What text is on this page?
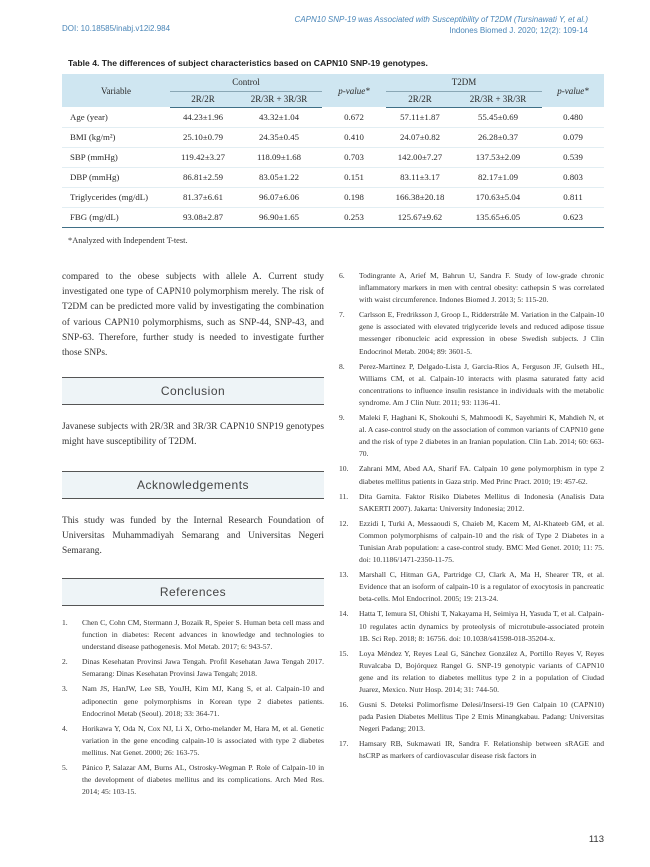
DOI: 10.18585/inabj.v12i2.984
CAPN10 SNP-19 was Associated with Susceptibility of T2DM (Tursinawati Y, et al.)
Indones Biomed J. 2020; 12(2): 109-14
Table 4. The differences of subject characteristics based on CAPN10 SNP-19 genotypes.
Variable	Control		p-value*	T2DM		p-value*
	2R/2R	2R/3R + 3R/3R		2R/2R	2R/3R + 3R/3R	
Age (year)	44.23±1.96	43.32±1.04	0.672	57.11±1.87	55.45±0.69	0.480
BMI (kg/m²)	25.10±0.79	24.35±0.45	0.410	24.07±0.82	26.28±0.37	0.079
SBP (mmHg)	119.42±3.27	118.09±1.68	0.703	142.00±7.27	137.53±2.09	0.539
DBP (mmHg)	86.81±2.59	83.05±1.22	0.151	83.11±3.17	82.17±1.09	0.803
Triglycerides (mg/dL)	81.37±6.61	96.07±6.06	0.198	166.38±20.18	170.63±5.04	0.811
FBG (mg/dL)	93.08±2.87	96.90±1.65	0.253	125.67±9.62	135.65±6.05	0.623
*Analyzed with Independent T-test.
compared to the obese subjects with allele A. Current study investigated one type of CAPN10 polymorphism merely. The risk of T2DM can be predicted more valid by investigating the combination of various CAPN10 polymorphisms, such as SNP-44, SNP-43, and SNP-63. Therefore, further study is needed to investigate further those SNPs.
Conclusion
Javanese subjects with 2R/3R and 3R/3R CAPN10 SNP19 genotypes might have susceptibility of T2DM.
Acknowledgements
This study was funded by the Internal Research Foundation of Universitas Muhammadiyah Semarang and Universitas Negeri Semarang.
References
1. Chen C, Cohn CM, Stermann J, Bozaik R, Speier S. Human beta cell mass and function in diabetes: Recent advances in knowledge and technologies to understand disease pathogenesis. Mol Metab. 2017; 6: 943-57.
2. Dinas Kesehatan Provinsi Jawa Tengah. Profil Kesehatan Jawa Tengah 2017. Semarang: Dinas Kesehatan Provinsi Jawa Tengah; 2018.
3. Nam JS, HanJW, Lee SB, YouJH, Kim MJ, Kang S, et al. Calpain-10 and adiponectin gene polymorphisms in Korean type 2 diabetes patients. Endocrinol Metab (Seoul). 2018; 33: 364-71.
4. Horikawa Y, Oda N, Cox NJ, Li X, Orho-melander M, Hara M, et al. Genetic variation in the gene encoding calpain-10 is associated with type 2 diabetes mellitus. Nat Genet. 2000; 26: 163-75.
5. Pánico P, Salazar AM, Burns AL, Ostrosky-Wegman P. Role of Calpain-10 in the development of diabetes mellitus and its complications. Arch Med Res. 2014; 45: 103-15.
6. Todingrante A, Arief M, Bahrun U, Sandra F. Study of low-grade chronic inflammatory markers in men with central obesity: cathepsin S was correlated with waist circumference. Indones Biomed J. 2013; 5: 115-20.
7. Carlsson E, Fredriksson J, Groop L, Ridderstråle M. Variation in the Calpain-10 gene is associated with elevated triglyceride levels and reduced adipose tissue messenger ribonucleic acid expression in obese Swedish subjects. J Clin Endocrinol Metab. 2004; 89: 3601-5.
8. Perez-Martinez P, Delgado-Lista J, Garcia-Rios A, Ferguson JF, Gulseth HL, Williams CM, et al. Calpain-10 interacts with plasma saturated fatty acid concentrations to influence insulin resistance in individuals with the metabolic syndrome. Am J Clin Nutr. 2011; 93: 1136-41.
9. Maleki F, Haghani K, Shokouhi S, Mahmoodi K, Sayehmiri K, Mahdieh N, et al. A case-control study on the association of common variants of CAPN10 gene and the risk of type 2 diabetes in an Iranian population. Clin Lab. 2014; 60: 663-70.
10. Zahrani MM, Abed AA, Sharif FA. Calpain 10 gene polymorphism in type 2 diabetes mellitus patients in Gaza strip. Med Princ Pract. 2010; 19: 457-62.
11. Dita Garnita. Faktor Risiko Diabetes Mellitus di Indonesia (Analisis Data SAKERTI 2007). Jakarta: University Indonesia; 2012.
12. Ezzidi I, Turki A, Messaoudi S, Chaieb M, Kacem M, Al-Khateeb GM, et al. Common polymorphisms of calpain-10 and the risk of Type 2 Diabetes in a Tunisian Arab population: a case-control study. BMC Med Genet. 2010; 11: 75. doi: 10.1186/1471-2350-11-75.
13. Marshall C, Hitman GA, Partridge CJ, Clark A, Ma H, Shearer TR, et al. Evidence that an isoform of calpain-10 is a regulator of exocytosis in pancreatic beta-cells. Mol Endocrinol. 2005; 19: 213-24.
14. Hatta T, Iemura SI, Ohishi T, Nakayama H, Seimiya H, Yasuda T, et al. Calpain-10 regulates actin dynamics by proteolysis of microtubule-associated protein 1B. Sci Rep. 2018; 8: 16756. doi: 10.1038/s41598-018-35204-x.
15. Loya Méndez Y, Reyes Leal G, Sánchez González A, Portillo Reyes V, Reyes Ruvalcaba D, Bojórquez Rangel G. SNP-19 genotypic variants of CAPN10 gene and its relation to diabetes mellitus type 2 in a population of Ciudad Juarez, Mexico. Nutr Hosp. 2014; 31: 744-50.
16. Gusni S. Deteksi Polimorfisme Delesi/Insersi-19 Gen Calpain 10 (CAPN10) pada Pasien Diabetes Mellitus Tipe 2 Etnis Minangkabau. Padang: Universitas Negeri Padang; 2013.
17. Hamsary RB, Sukmawati IR, Sandra F. Relationship between sRAGE and hsCRP as markers of cardiovascular disease risk factors in
113
